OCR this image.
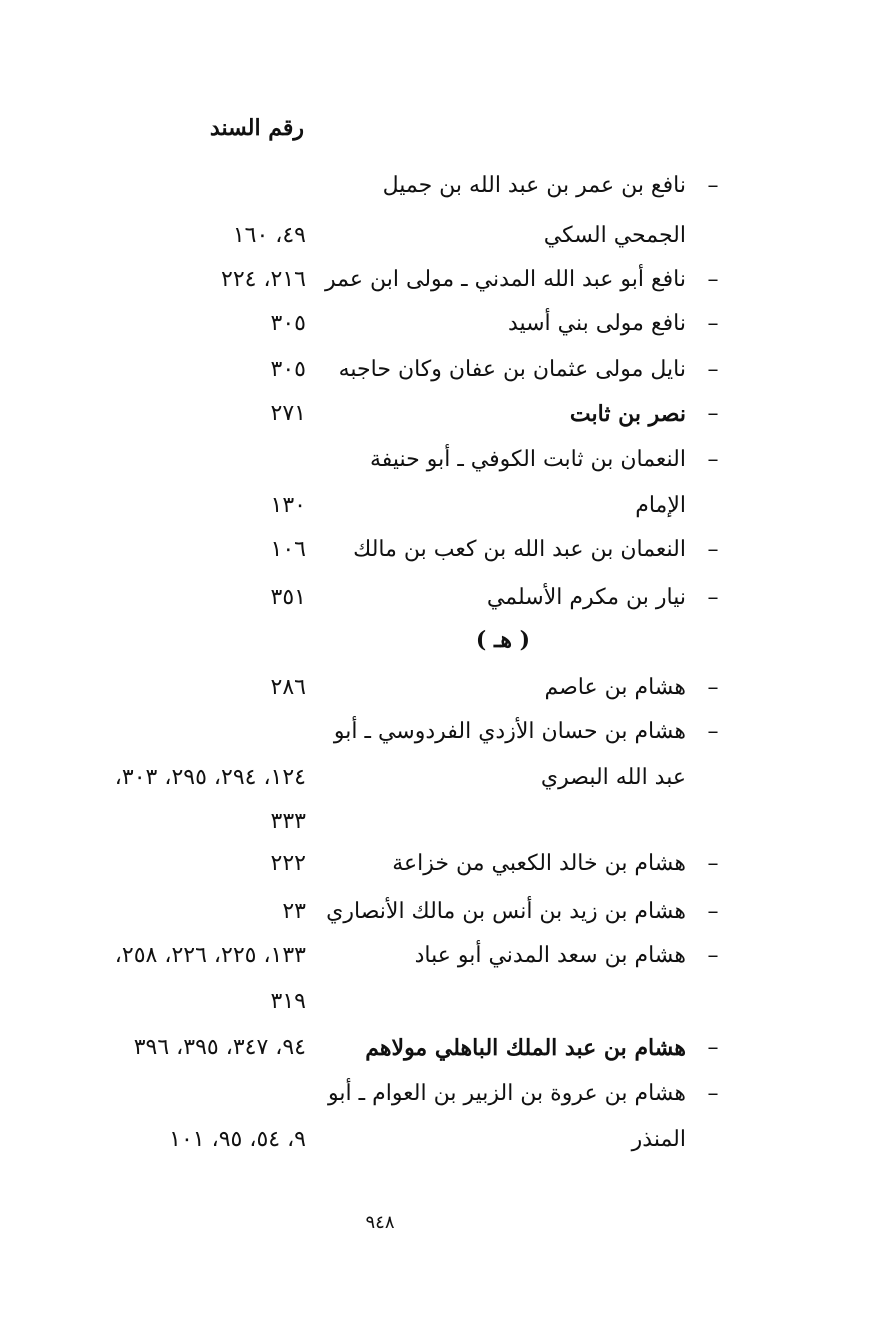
رقم السند
–
نافع بن عمر بن عبد الله بن جميل
الجمحي السكي
٤٩، ١٦٠
–
نافع أبو عبد الله المدني ـ مولى ابن عمر
٢١٦، ٢٢٤
–
نافع مولى بني أسيد
٣٠٥
–
نايل مولى عثمان بن عفان وكان حاجبه
٣٠٥
–
نصر بن ثابت
٢٧١
–
النعمان بن ثابت الكوفي ـ أبو حنيفة
الإمام
١٣٠
–
النعمان بن عبد الله بن كعب بن مالك
١٠٦
–
نيار بن مكرم الأسلمي
٣٥١
( هـ )
–
هشام بن عاصم
٢٨٦
–
هشام بن حسان الأزدي الفردوسي ـ أبو
عبد الله البصري
١٢٤، ٢٩٤، ٢٩٥، ٣٠٣،
٣٣٣
–
هشام بن خالد الكعبي من خزاعة
٢٢٢
–
هشام بن زيد بن أنس بن مالك الأنصاري
٢٣
–
هشام بن سعد المدني أبو عباد
١٣٣، ٢٢٥، ٢٢٦، ٢٥٨،
٣١٩
–
هشام بن عبد الملك الباهلي مولاهم
٩٤، ٣٤٧، ٣٩٥، ٣٩٦
–
هشام بن عروة بن الزبير بن العوام ـ أبو
المنذر
٩، ٥٤، ٩٥، ١٠١
٩٤٨
